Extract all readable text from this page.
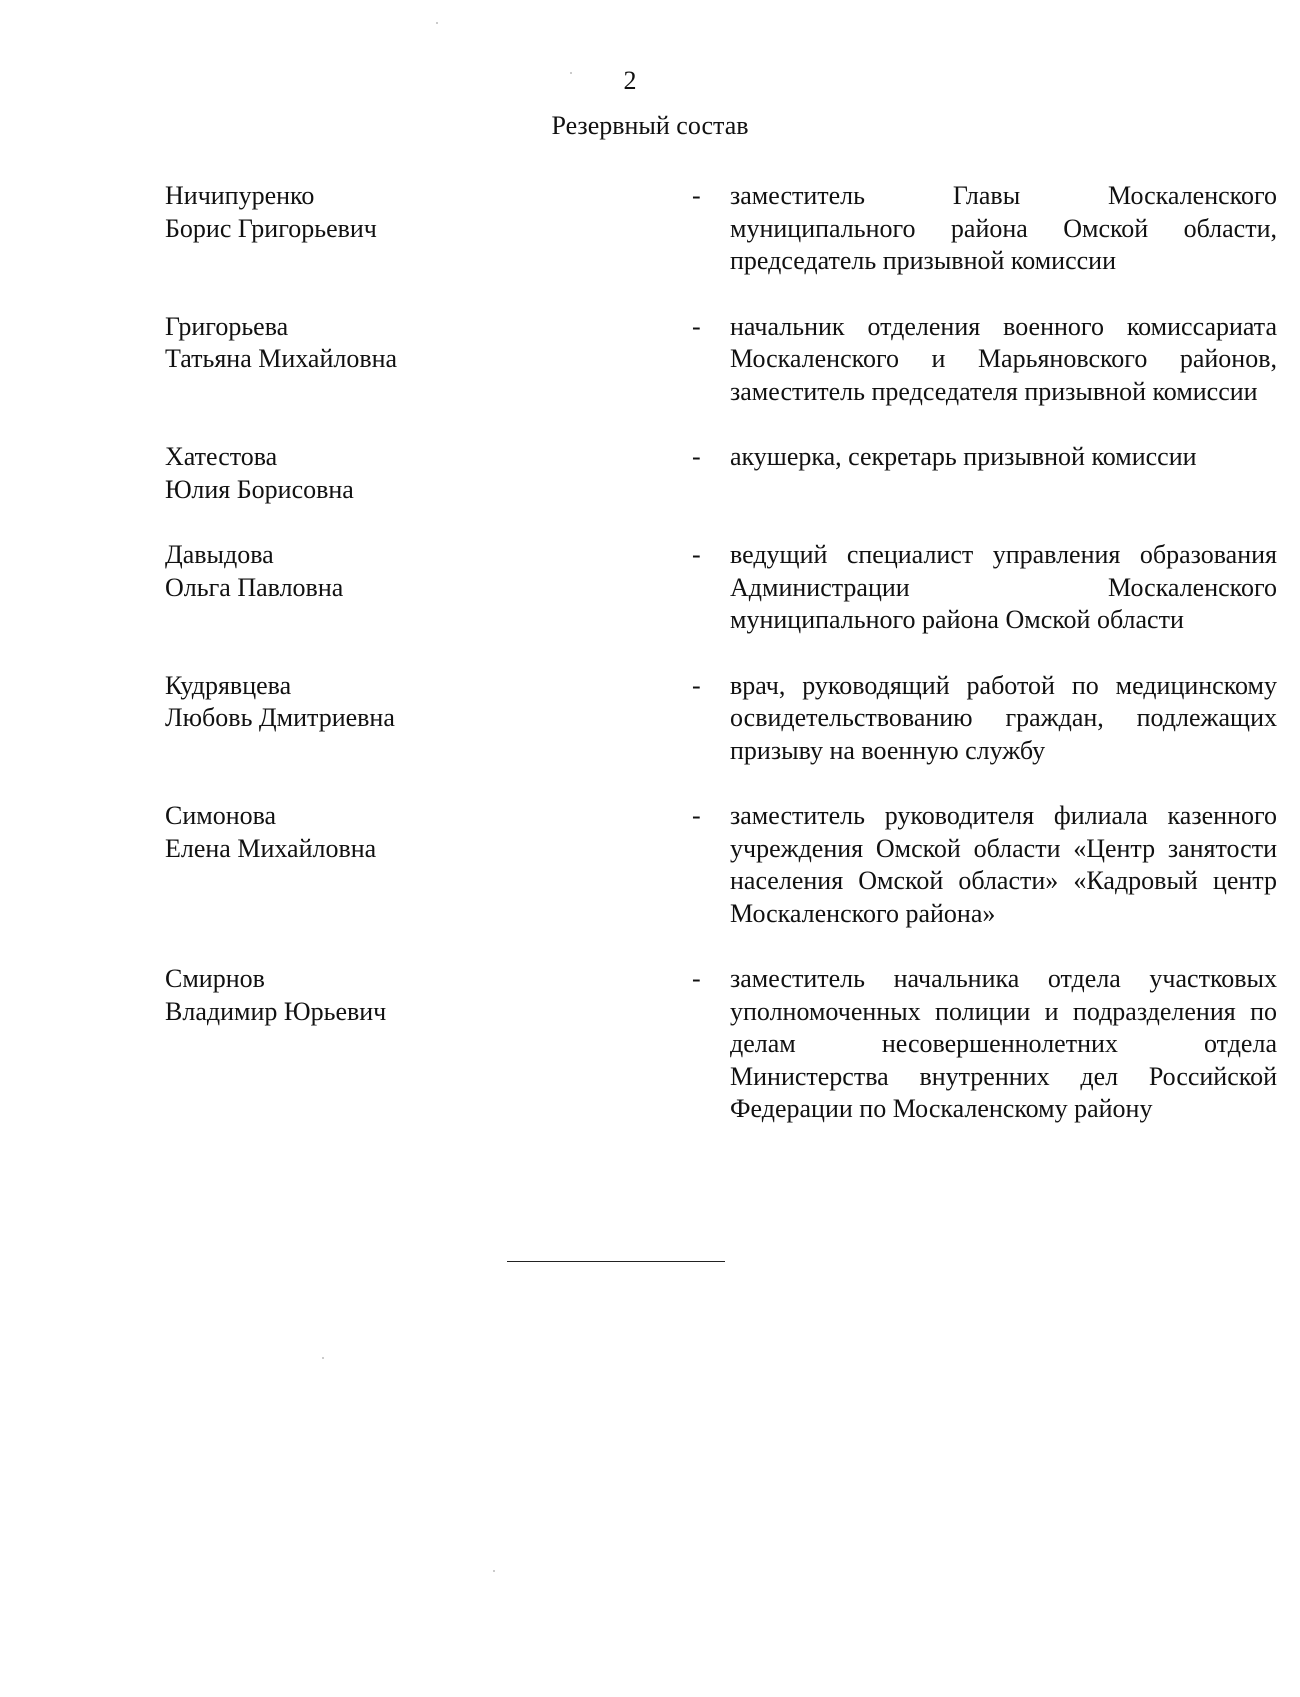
2
Резервный состав
Ничипуренко
Борис Григорьевич
-	заместитель Главы Москаленского муниципального района Омской области, председатель призывной комиссии
Григорьева
Татьяна Михайловна
-	начальник отделения военного комиссариата Москаленского и Марьяновского районов, заместитель председателя призывной комиссии
Хатестова
Юлия Борисовна
-	акушерка, секретарь призывной комиссии
Давыдова
Ольга Павловна
-	ведущий специалист управления образования Администрации Москаленского муниципального района Омской области
Кудрявцева
Любовь Дмитриевна
-	врач, руководящий работой по медицинскому освидетельствованию граждан, подлежащих призыву на военную службу
Симонова
Елена Михайловна
-	заместитель руководителя филиала казенного учреждения Омской области «Центр занятости населения Омской области» «Кадровый центр Москаленского района»
Смирнов
Владимир Юрьевич
-	заместитель начальника отдела участковых уполномоченных полиции и подразделения по делам несовершеннолетних отдела Министерства внутренних дел Российской Федерации по Москаленскому району
